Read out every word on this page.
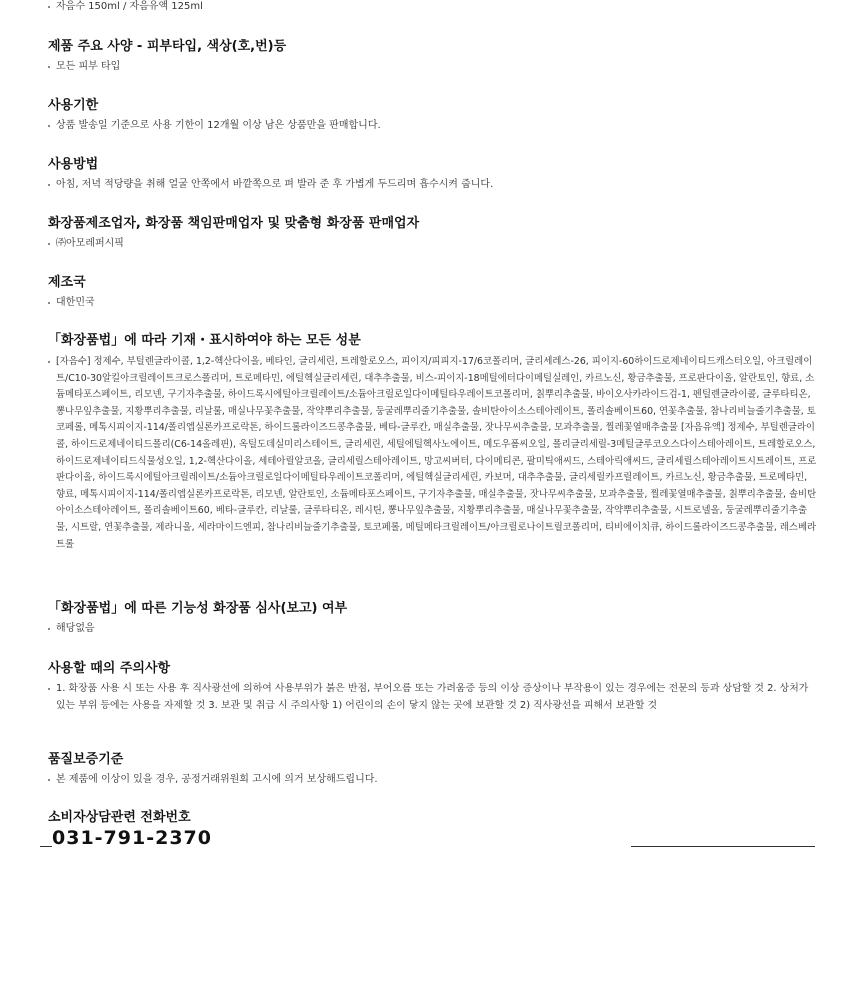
자음수 150ml / 자음유액 125ml

제품 주요 사양 - 피부타입, 색상(호,번)등

모든 피부 타입

사용기한

상품 발송일 기준으로 사용 기한이 12개월 이상 남은 상품만을 판매합니다.

사용방법

아침, 저녁 적당량을 취해 얼굴 안쪽에서 바깥쪽으로 펴 발라 준 후 가볍게 두드리며 흡수시켜 줍니다.

화장품제조업자, 화장품 책임판매업자 및 맞춤형 화장품 판매업자

㈜아모레퍼시픽

제조국

대한민국

「화장품법」에 따라 기재・표시하여야 하는 모든 성분

[자음수] 정제수, 부틸렌글라이콜, 1,2-헥산다이올, 베타인, 글리세린, 트레할로오스, 피이지/피피지-17/6코폴리머, 글리세레스-26, 피이지-60하이드로제네이티드캐스터오일, 아크릴레이트/C10-30알킬아크릴레이트크로스폴리머, 트로메타민, 에틸헥실글리세린, 대추추출물, 비스-피이지-18메틸에터다이메틸실레인, 카르노신, 황금추출물, 프로판다이올, 알란토인, 향료, 소듐메타포스페이트, 리모넨, 구기자추출물, 하이드록시에틸아크릴레이트/소듐아크릴로일다이메틸타우레이트코폴리머, 칡뿌리추출물, 바이오사카라이드검-1, 펜틸렌글라이콜, 글루타티온, 뽕나무잎추출물, 지황뿌리추출물, 리날룰, 매실나무꽃추출물, 작약뿌리추출물, 둥굴레뿌리줄기추출물, 솔비탄아이소스테아레이트, 폴리솔베이트60, 연꽃추출물, 참나리비늘줄기추출물, 토코페롤, 메톡시피이지-114/폴리엡실론카프로락톤, 하이드롤라이즈드콩추출물, 베타-글루칸, 매실추출물, 잣나무씨추출물, 모과추출물, 찔레꽃열매추출물 [자음유액] 정제수, 부틸렌글라이콜, 하이드로제네이티드폴리(C6-14올레핀), 옥틸도데실미리스테이트, 글리세린, 세틸에틸헥사노에이트, 메도우폼씨오일, 폴리글리세릴-3메틸글루코오스다이스테아레이트, 트레할로오스, 하이드로제네이티드식물성오일, 1,2-헥산다이올, 세테아릴알코올, 글리세릴스테아레이트, 망고씨버터, 다이메티콘, 팔미틱애씨드, 스테아릭애씨드, 글리세릴스테아레이트시트레이트, 프로판다이올, 하이드록시에틸아크릴레이트/소듐아크릴로일다이메틸타우레이트코폴리머, 에틸헥실글리세린, 카보머, 대추추출물, 글리세릴카프릴레이트, 카르노신, 황금추출물, 트로메타민, 향료, 메톡시피이지-114/폴리엡실론카프로락톤, 리모넨, 알란토인, 소듐메타포스페이트, 구기자추출물, 매실추출물, 잣나무씨추출물, 모과추출물, 찔레꽃열매추출물, 칡뿌리추출물, 솔비탄아이소스테아레이트, 폴리솔베이트60, 베타-글루칸, 리날룰, 글루타티온, 레시틴, 뽕나무잎추출물, 지황뿌리추출물, 매실나무꽃추출물, 작약뿌리추출물, 시트로넬올, 둥굴레뿌리줄기추출물, 시트랄, 연꽃추출물, 제라니올, 세라마이드엔피, 참나리비늘줄기추출물, 토코페롤, 메틸메타크릴레이트/아크릴로나이트릴코폴리머, 티비에이치큐, 하이드롤라이즈드콩추출물, 레스베라트롤

「화장품법」에 따른 기능성 화장품 심사(보고) 여부

해당없음

사용할 때의 주의사항

1. 화장품 사용 시 또는 사용 후 직사광선에 의하여 사용부위가 붉은 반점, 부어오름 또는 가려움증 등의 이상 증상이나 부작용이 있는 경우에는 전문의 등과 상담할 것 2. 상처가 있는 부위 등에는 사용을 자제할 것 3. 보관 및 취급 시 주의사항 1) 어린이의 손이 닿지 않는 곳에 보관할 것 2) 직사광선을 피해서 보관할 것

품질보증기준

본 제품에 이상이 있을 경우, 공정거래위원회 고시에 의거 보상해드립니다.

소비자상담관련 전화번호

031-791-2370
